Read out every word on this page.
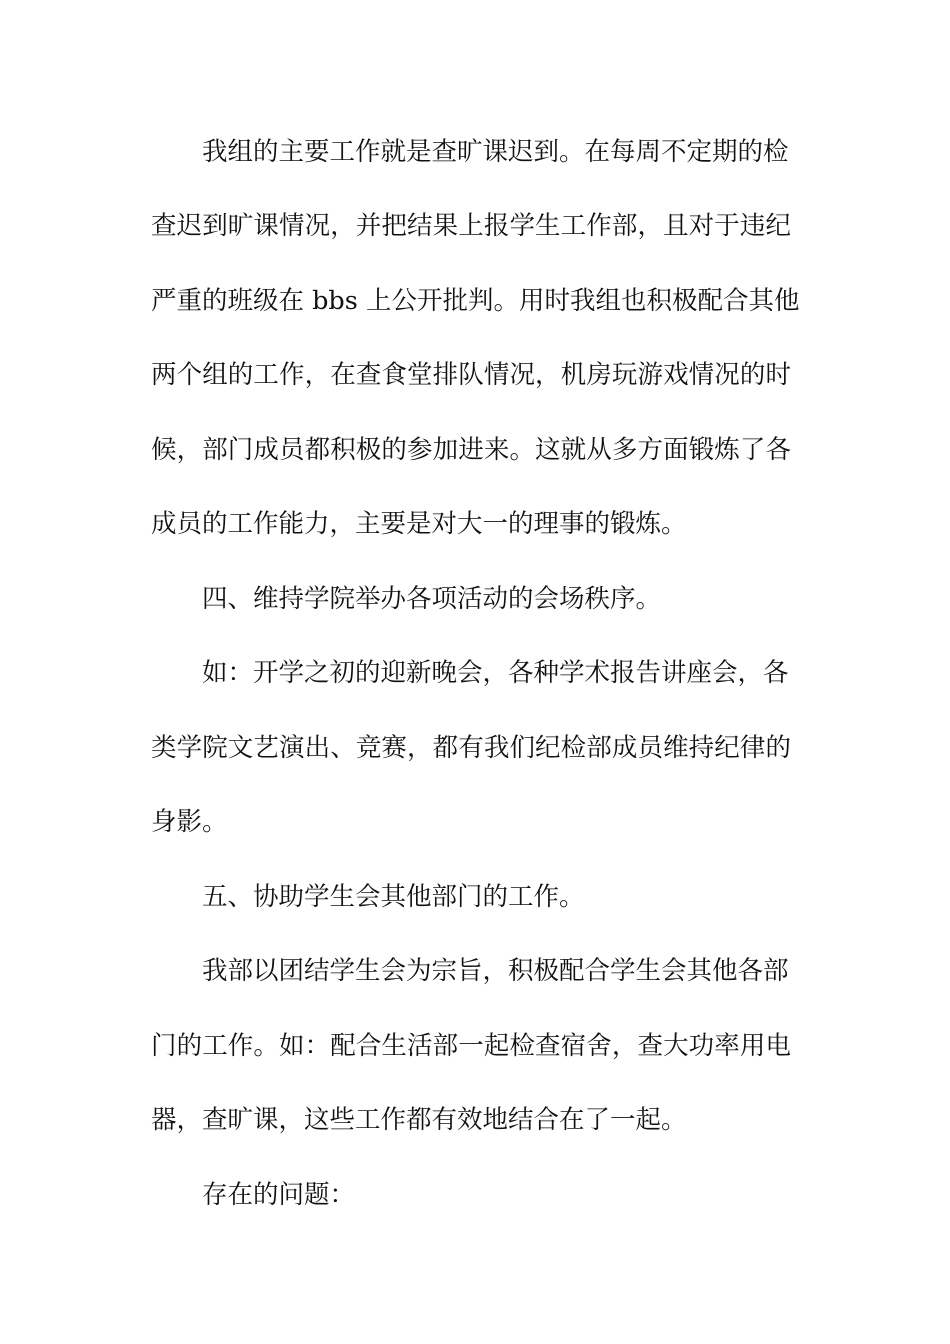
我组的主要工作就是查旷课迟到。在每周不定期的检
查迟到旷课情况，并把结果上报学生工作部，且对于违纪
严重的班级在 bbs 上公开批判。用时我组也积极配合其他
两个组的工作，在查食堂排队情况，机房玩游戏情况的时
候，部门成员都积极的参加进来。这就从多方面锻炼了各
成员的工作能力，主要是对大一的理事的锻炼。
四、维持学院举办各项活动的会场秩序。
如：开学之初的迎新晚会，各种学术报告讲座会，各
类学院文艺演出、竞赛，都有我们纪检部成员维持纪律的
身影。
五、协助学生会其他部门的工作。
我部以团结学生会为宗旨，积极配合学生会其他各部
门的工作。如：配合生活部一起检查宿舍，查大功率用电
器，查旷课，这些工作都有效地结合在了一起。
存在的问题：
